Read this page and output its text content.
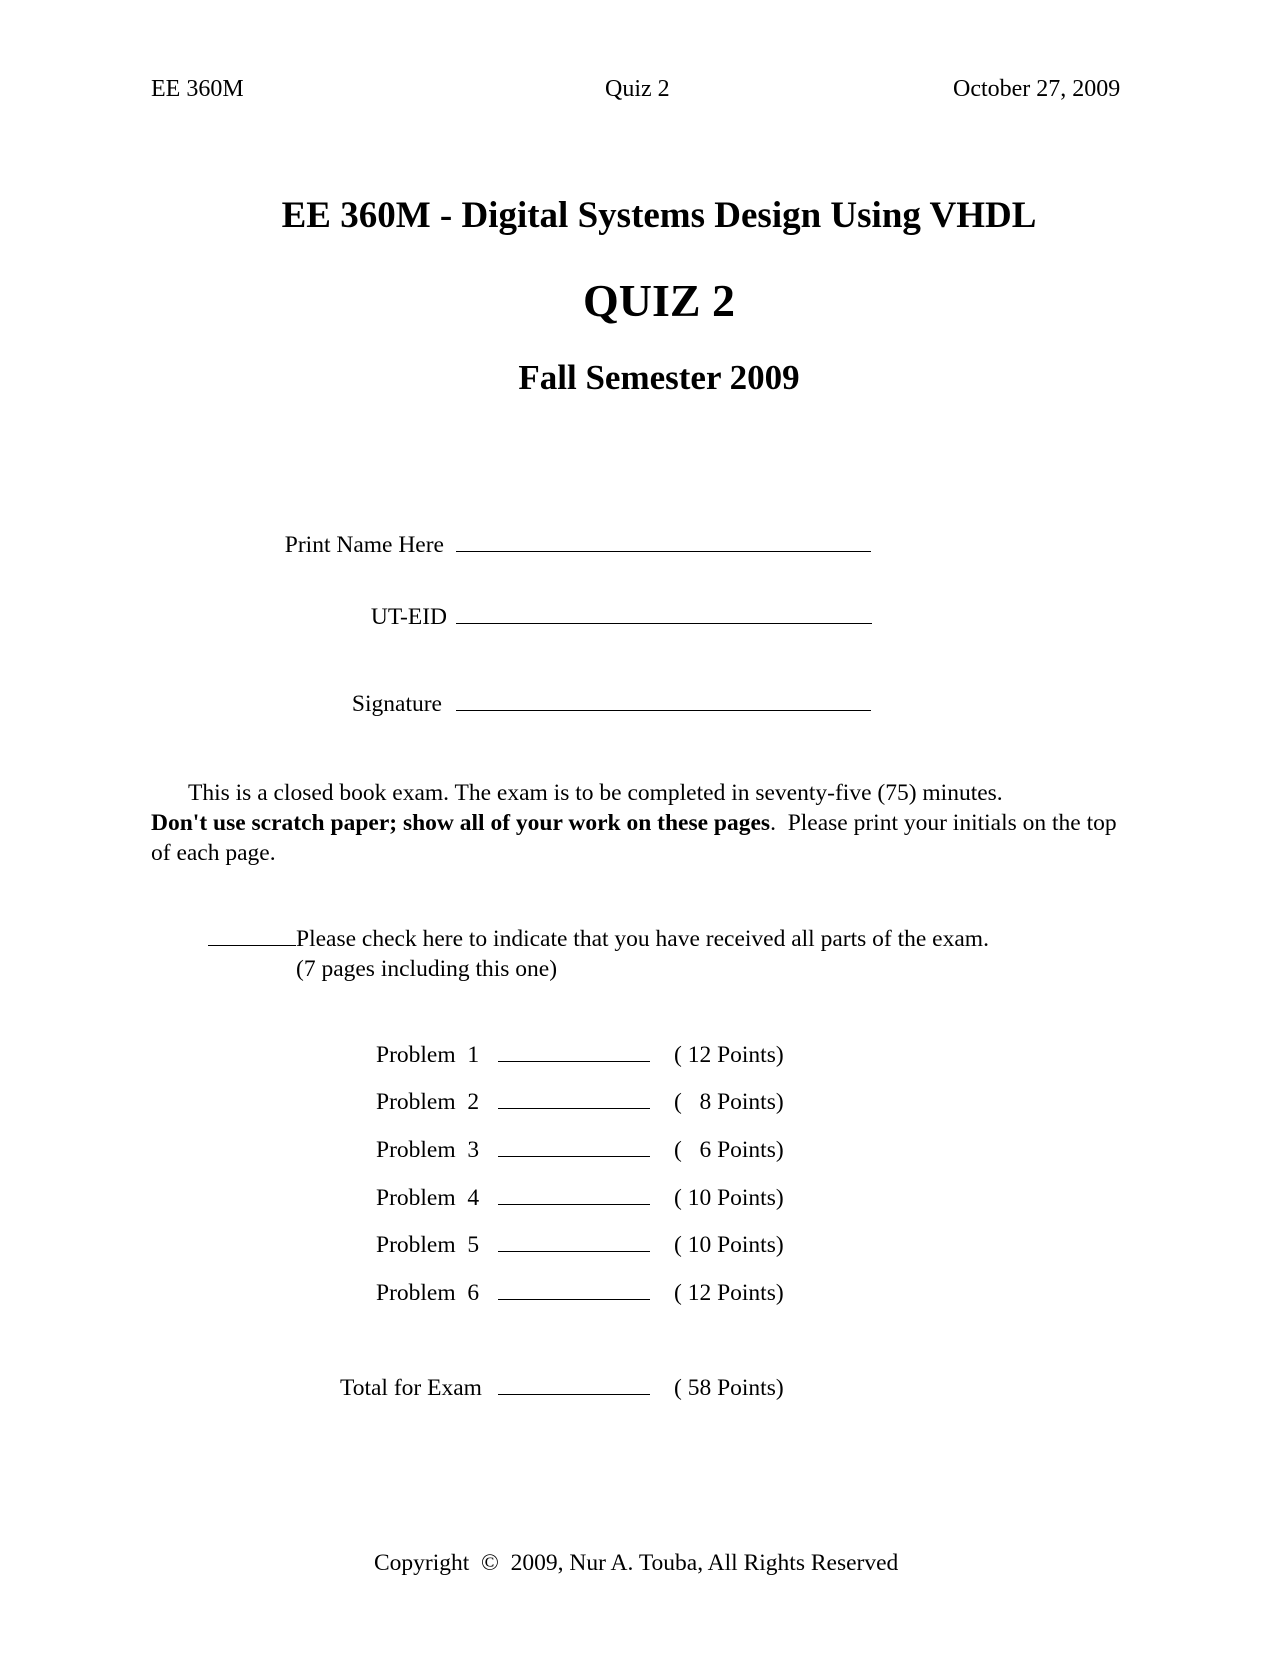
EE 360M	Quiz 2	October 27, 2009
EE 360M - Digital Systems Design Using VHDL
QUIZ 2
Fall Semester 2009
Print Name Here
UT-EID
Signature

This is a closed book exam. The exam is to be completed in seventy-five (75) minutes.

Don't use scratch paper; show all of your work on these pages.  Please print your initials on the top of each page.

Please check here to indicate that you have received all parts of the exam.
(7 pages including this one)
Problem  1	( 12 Points)
Problem  2	(   8 Points)
Problem  3	(   6 Points)
Problem  4	( 10 Points)
Problem  5	( 10 Points)
Problem  6	( 12 Points)
Total for Exam	( 58 Points)
Copyright  ©  2009, Nur A. Touba, All Rights Reserved
